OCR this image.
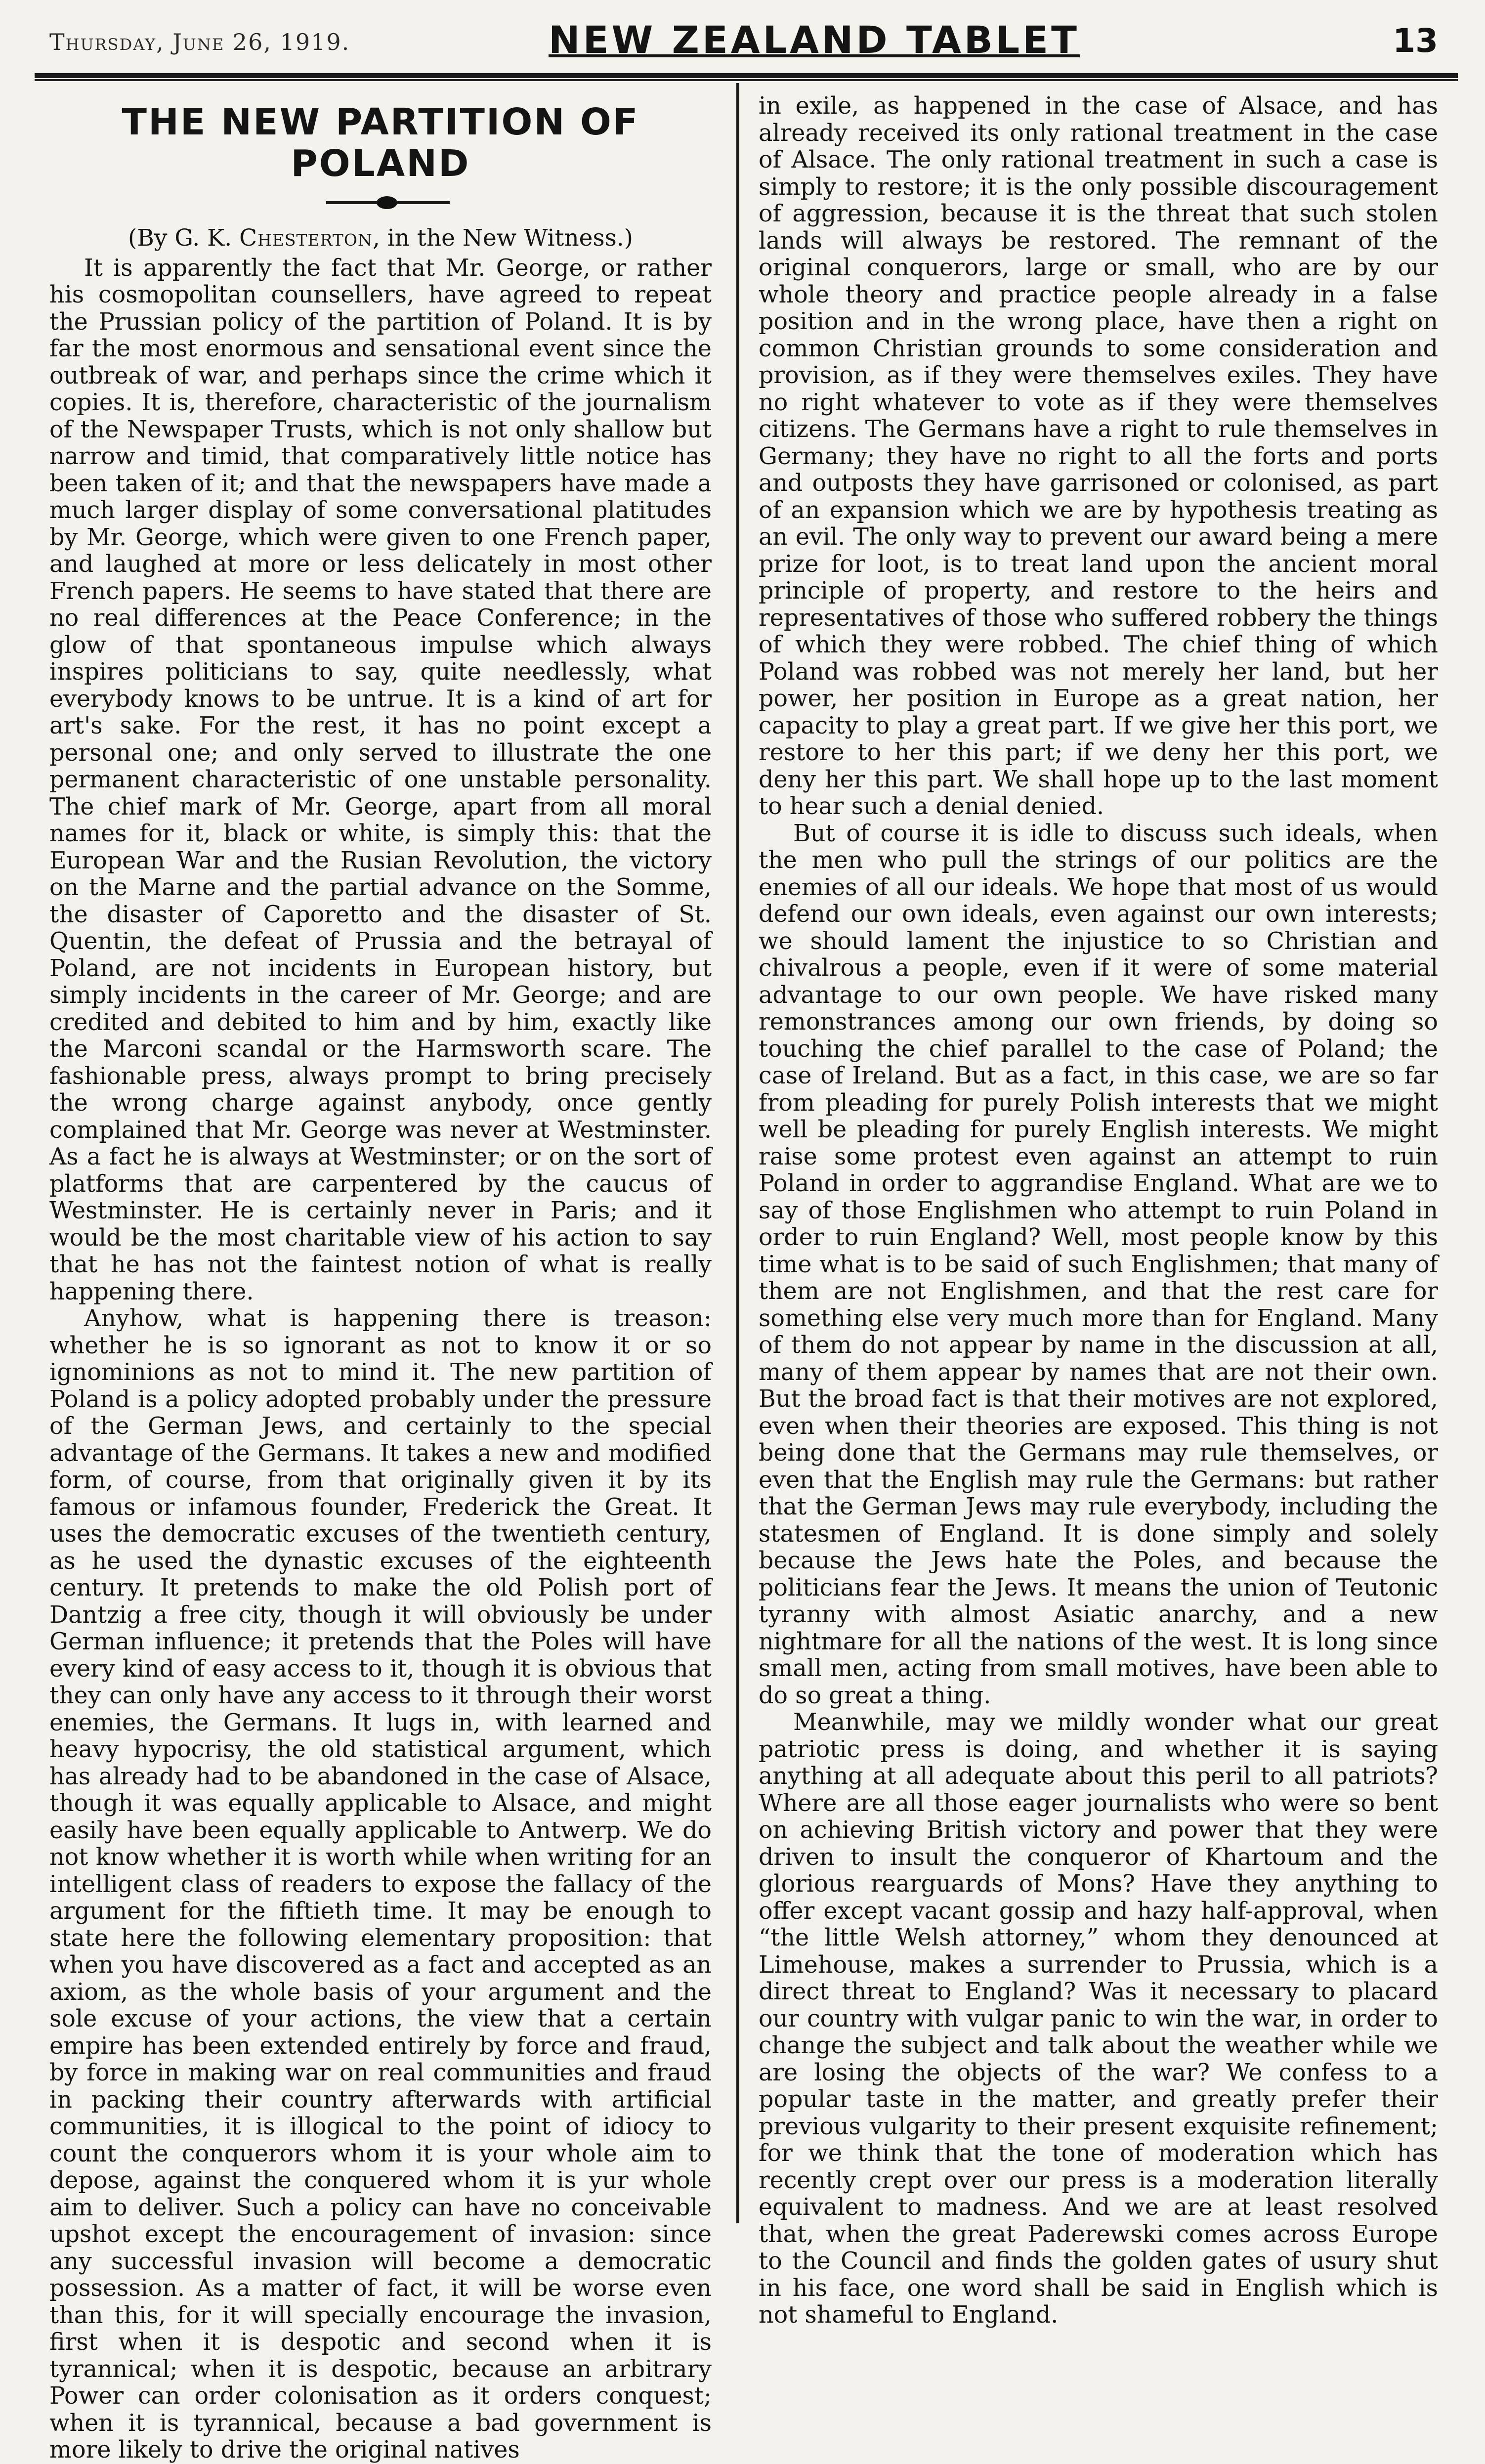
Thursday, June 26, 1919.	NEW ZEALAND TABLET	13
THE NEW PARTITION OF POLAND
(By G. K. Chesterton, in the New Witness.)

It is apparently the fact that Mr. George, or rather his cosmopolitan counsellers, have agreed to repeat the Prussian policy of the partition of Poland. It is by far the most enormous and sensational event since the outbreak of war, and perhaps since the crime which it copies. It is, therefore, characteristic of the journalism of the Newspaper Trusts, which is not only shallow but narrow and timid, that comparatively little notice has been taken of it; and that the newspapers have made a much larger display of some conversational platitudes by Mr. George, which were given to one French paper, and laughed at more or less delicately in most other French papers. He seems to have stated that there are no real differences at the Peace Conference; in the glow of that spontaneous impulse which always inspires politicians to say, quite needlessly, what everybody knows to be untrue. It is a kind of art for art's sake. For the rest, it has no point except a personal one; and only served to illustrate the one permanent characteristic of one unstable personality. The chief mark of Mr. George, apart from all moral names for it, black or white, is simply this: that the European War and the Rusian Revolution, the victory on the Marne and the partial advance on the Somme, the disaster of Caporetto and the disaster of St. Quentin, the defeat of Prussia and the betrayal of Poland, are not incidents in European history, but simply incidents in the career of Mr. George; and are credited and debited to him and by him, exactly like the Marconi scandal or the Harmsworth scare. The fashionable press, always prompt to bring precisely the wrong charge against anybody, once gently complained that Mr. George was never at Westminster. As a fact he is always at Westminster; or on the sort of platforms that are carpentered by the caucus of Westminster. He is certainly never in Paris; and it would be the most charitable view of his action to say that he has not the faintest notion of what is really happening there.

Anyhow, what is happening there is treason: whether he is so ignorant as not to know it or so ignominions as not to mind it. The new partition of Poland is a policy adopted probably under the pressure of the German Jews, and certainly to the special advantage of the Germans. It takes a new and modified form, of course, from that originally given it by its famous or infamous founder, Frederick the Great. It uses the democratic excuses of the twentieth century, as he used the dynastic excuses of the eighteenth century. It pretends to make the old Polish port of Dantzig a free city, though it will obviously be under German influence; it pretends that the Poles will have every kind of easy access to it, though it is obvious that they can only have any access to it through their worst enemies, the Germans. It lugs in, with learned and heavy hypocrisy, the old statistical argument, which has already had to be abandoned in the case of Alsace, though it was equally applicable to Alsace, and might easily have been equally applicable to Antwerp. We do not know whether it is worth while when writing for an intelligent class of readers to expose the fallacy of the argument for the fiftieth time. It may be enough to state here the following elementary proposition: that when you have discovered as a fact and accepted as an axiom, as the whole basis of your argument and the sole excuse of your actions, the view that a certain empire has been extended entirely by force and fraud, by force in making war on real communities and fraud in packing their country afterwards with artificial communities, it is illogical to the point of idiocy to count the conquerors whom it is your whole aim to depose, against the conquered whom it is yur whole aim to deliver. Such a policy can have no conceivable upshot except the encouragement of invasion: since any successful invasion will become a democratic possession. As a matter of fact, it will be worse even than this, for it will specially encourage the invasion, first when it is despotic and second when it is tyrannical; when it is despotic, because an arbitrary Power can order colonisation as it orders conquest; when it is tyrannical, because a bad government is more likely to drive the original natives

in exile, as happened in the case of Alsace, and has already received its only rational treatment in the case of Alsace. The only rational treatment in such a case is simply to restore; it is the only possible discouragement of aggression, because it is the threat that such stolen lands will always be restored. The remnant of the original conquerors, large or small, who are by our whole theory and practice people already in a false position and in the wrong place, have then a right on common Christian grounds to some consideration and provision, as if they were themselves exiles. They have no right whatever to vote as if they were themselves citizens. The Germans have a right to rule themselves in Germany; they have no right to all the forts and ports and outposts they have garrisoned or colonised, as part of an expansion which we are by hypothesis treating as an evil. The only way to prevent our award being a mere prize for loot, is to treat land upon the ancient moral principle of property, and restore to the heirs and representatives of those who suffered robbery the things of which they were robbed. The chief thing of which Poland was robbed was not merely her land, but her power, her position in Europe as a great nation, her capacity to play a great part. If we give her this port, we restore to her this part; if we deny her this port, we deny her this part. We shall hope up to the last moment to hear such a denial denied.

But of course it is idle to discuss such ideals, when the men who pull the strings of our politics are the enemies of all our ideals. We hope that most of us would defend our own ideals, even against our own interests; we should lament the injustice to so Christian and chivalrous a people, even if it were of some material advantage to our own people. We have risked many remonstrances among our own friends, by doing so touching the chief parallel to the case of Poland; the case of Ireland. But as a fact, in this case, we are so far from pleading for purely Polish interests that we might well be pleading for purely English interests. We might raise some protest even against an attempt to ruin Poland in order to aggrandise England. What are we to say of those Englishmen who attempt to ruin Poland in order to ruin England? Well, most people know by this time what is to be said of such Englishmen; that many of them are not Englishmen, and that the rest care for something else very much more than for England. Many of them do not appear by name in the discussion at all, many of them appear by names that are not their own. But the broad fact is that their motives are not explored, even when their theories are exposed. This thing is not being done that the Germans may rule themselves, or even that the English may rule the Germans: but rather that the German Jews may rule everybody, including the statesmen of England. It is done simply and solely because the Jews hate the Poles, and because the politicians fear the Jews. It means the union of Teutonic tyranny with almost Asiatic anarchy, and a new nightmare for all the nations of the west. It is long since small men, acting from small motives, have been able to do so great a thing.

Meanwhile, may we mildly wonder what our great patriotic press is doing, and whether it is saying anything at all adequate about this peril to all patriots? Where are all those eager journalists who were so bent on achieving British victory and power that they were driven to insult the conqueror of Khartoum and the glorious rearguards of Mons? Have they anything to offer except vacant gossip and hazy half-approval, when “the little Welsh attorney,” whom they denounced at Limehouse, makes a surrender to Prussia, which is a direct threat to England? Was it necessary to placard our country with vulgar panic to win the war, in order to change the subject and talk about the weather while we are losing the objects of the war? We confess to a popular taste in the matter, and greatly prefer their previous vulgarity to their present exquisite refinement; for we think that the tone of moderation which has recently crept over our press is a moderation literally equivalent to madness. And we are at least resolved that, when the great Paderewski comes across Europe to the Council and finds the golden gates of usury shut in his face, one word shall be said in English which is not shameful to England.
